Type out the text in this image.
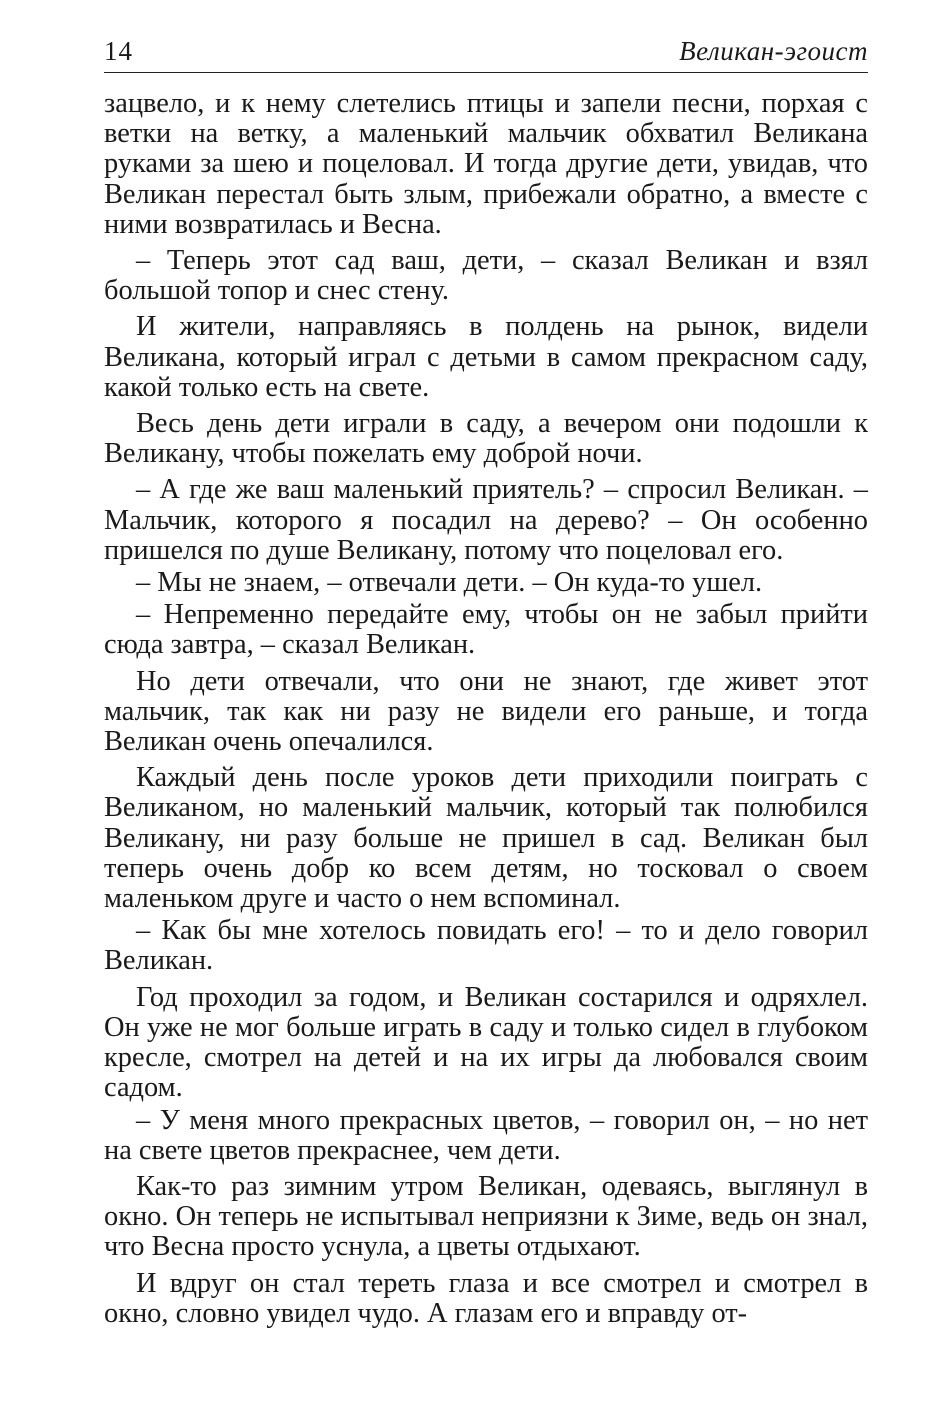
14	Великан-эгоист

зацвело, и к нему слетелись птицы и запели песни, порхая с ветки на ветку, а маленький мальчик обхватил Великана руками за шею и поцеловал. И тогда другие дети, увидав, что Великан перестал быть злым, прибежали обратно, а вместе с ними возвратилась и Весна.

– Теперь этот сад ваш, дети, – сказал Великан и взял большой топор и снес стену.

И жители, направляясь в полдень на рынок, видели Великана, который играл с детьми в самом прекрасном саду, какой только есть на свете.

Весь день дети играли в саду, а вечером они подошли к Великану, чтобы пожелать ему доброй ночи.

– А где же ваш маленький приятель? – спросил Великан. – Мальчик, которого я посадил на дерево? – Он особенно пришелся по душе Великану, потому что поцеловал его.

– Мы не знаем, – отвечали дети. – Он куда-то ушел.

– Непременно передайте ему, чтобы он не забыл прийти сюда завтра, – сказал Великан.

Но дети отвечали, что они не знают, где живет этот мальчик, так как ни разу не видели его раньше, и тогда Великан очень опечалился.

Каждый день после уроков дети приходили поиграть с Великаном, но маленький мальчик, который так полюбился Великану, ни разу больше не пришел в сад. Великан был теперь очень добр ко всем детям, но тосковал о своем маленьком друге и часто о нем вспоминал.

– Как бы мне хотелось повидать его! – то и дело говорил Великан.

Год проходил за годом, и Великан состарился и одряхлел. Он уже не мог больше играть в саду и только сидел в глубоком кресле, смотрел на детей и на их игры да любовался своим садом.

– У меня много прекрасных цветов, – говорил он, – но нет на свете цветов прекраснее, чем дети.

Как-то раз зимним утром Великан, одеваясь, выглянул в окно. Он теперь не испытывал неприязни к Зиме, ведь он знал, что Весна просто уснула, а цветы отдыхают.

И вдруг он стал тереть глаза и все смотрел и смотрел в окно, словно увидел чудо. А глазам его и вправду от-
